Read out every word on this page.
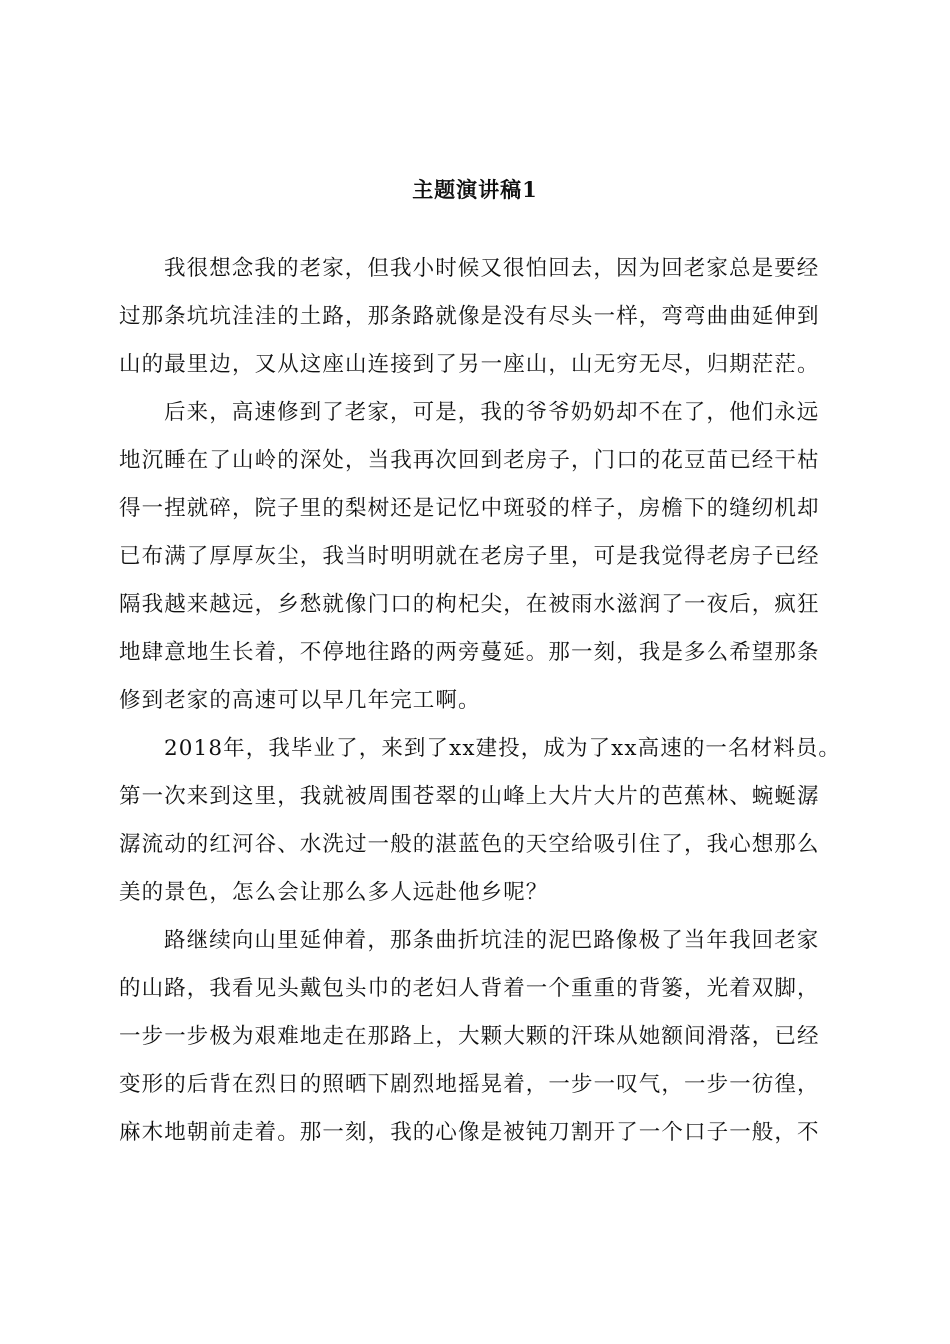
主题演讲稿1
我很想念我的老家，但我小时候又很怕回去，因为回老家总是要经
过那条坑坑洼洼的土路，那条路就像是没有尽头一样，弯弯曲曲延伸到
山的最里边，又从这座山连接到了另一座山，山无穷无尽，归期茫茫。
后来，高速修到了老家，可是，我的爷爷奶奶却不在了，他们永远
地沉睡在了山岭的深处，当我再次回到老房子，门口的花豆苗已经干枯
得一捏就碎，院子里的梨树还是记忆中斑驳的样子，房檐下的缝纫机却
已布满了厚厚灰尘，我当时明明就在老房子里，可是我觉得老房子已经
隔我越来越远，乡愁就像门口的枸杞尖，在被雨水滋润了一夜后，疯狂
地肆意地生长着，不停地往路的两旁蔓延。那一刻，我是多么希望那条
修到老家的高速可以早几年完工啊。
2018年，我毕业了，来到了xx建投，成为了xx高速的一名材料员。
第一次来到这里，我就被周围苍翠的山峰上大片大片的芭蕉林、蜿蜒潺
潺流动的红河谷、水洗过一般的湛蓝色的天空给吸引住了，我心想那么
美的景色，怎么会让那么多人远赴他乡呢？
路继续向山里延伸着，那条曲折坑洼的泥巴路像极了当年我回老家
的山路，我看见头戴包头巾的老妇人背着一个重重的背篓，光着双脚，
一步一步极为艰难地走在那路上，大颗大颗的汗珠从她额间滑落，已经
变形的后背在烈日的照晒下剧烈地摇晃着，一步一叹气，一步一彷徨，
麻木地朝前走着。那一刻，我的心像是被钝刀割开了一个口子一般，不
